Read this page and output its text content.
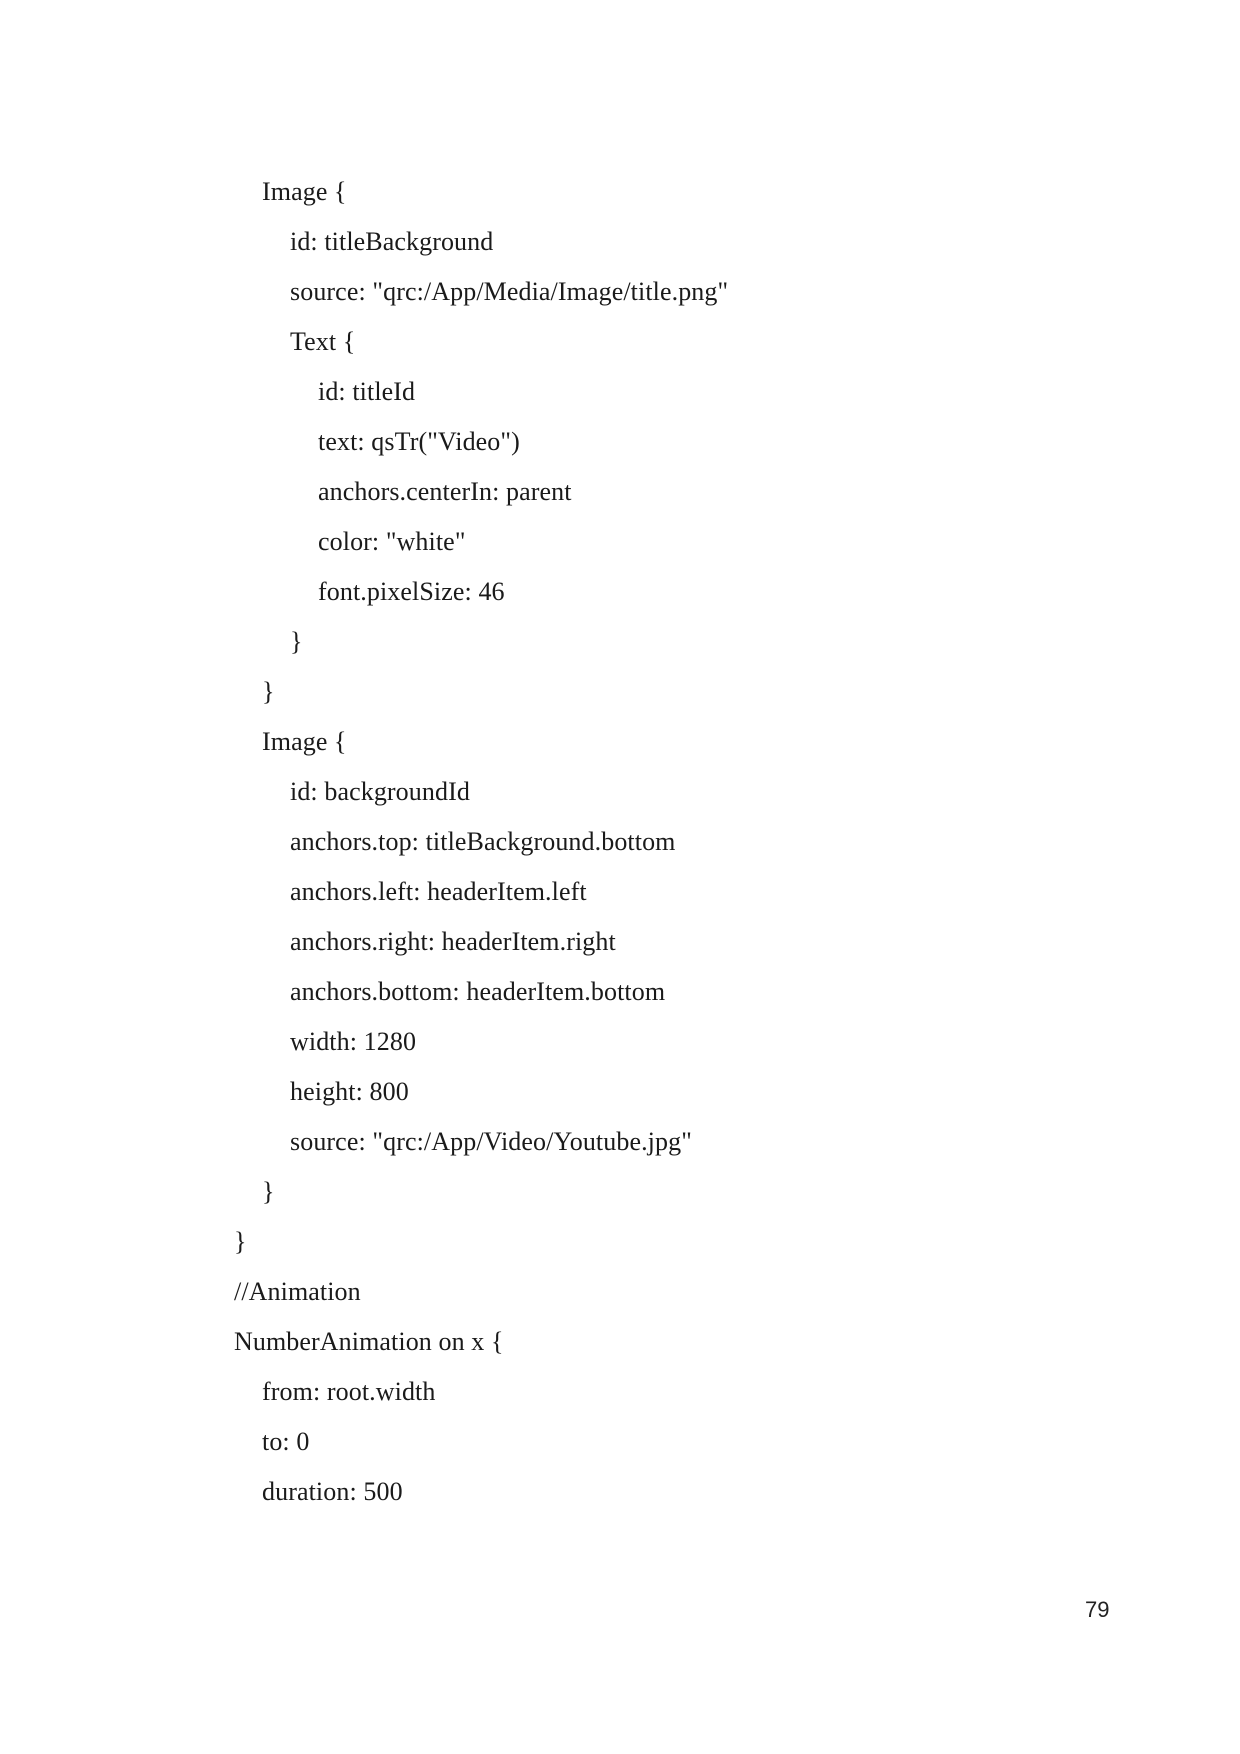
Image {
id: titleBackground
source: "qrc:/App/Media/Image/title.png"
Text {
id: titleId
text: qsTr("Video")
anchors.centerIn: parent
color: "white"
font.pixelSize: 46
}
}
Image {
id: backgroundId
anchors.top: titleBackground.bottom
anchors.left: headerItem.left
anchors.right: headerItem.right
anchors.bottom: headerItem.bottom
width: 1280
height: 800
source: "qrc:/App/Video/Youtube.jpg"
}
}
//Animation
NumberAnimation on x {
from: root.width
to: 0
duration: 500
79
